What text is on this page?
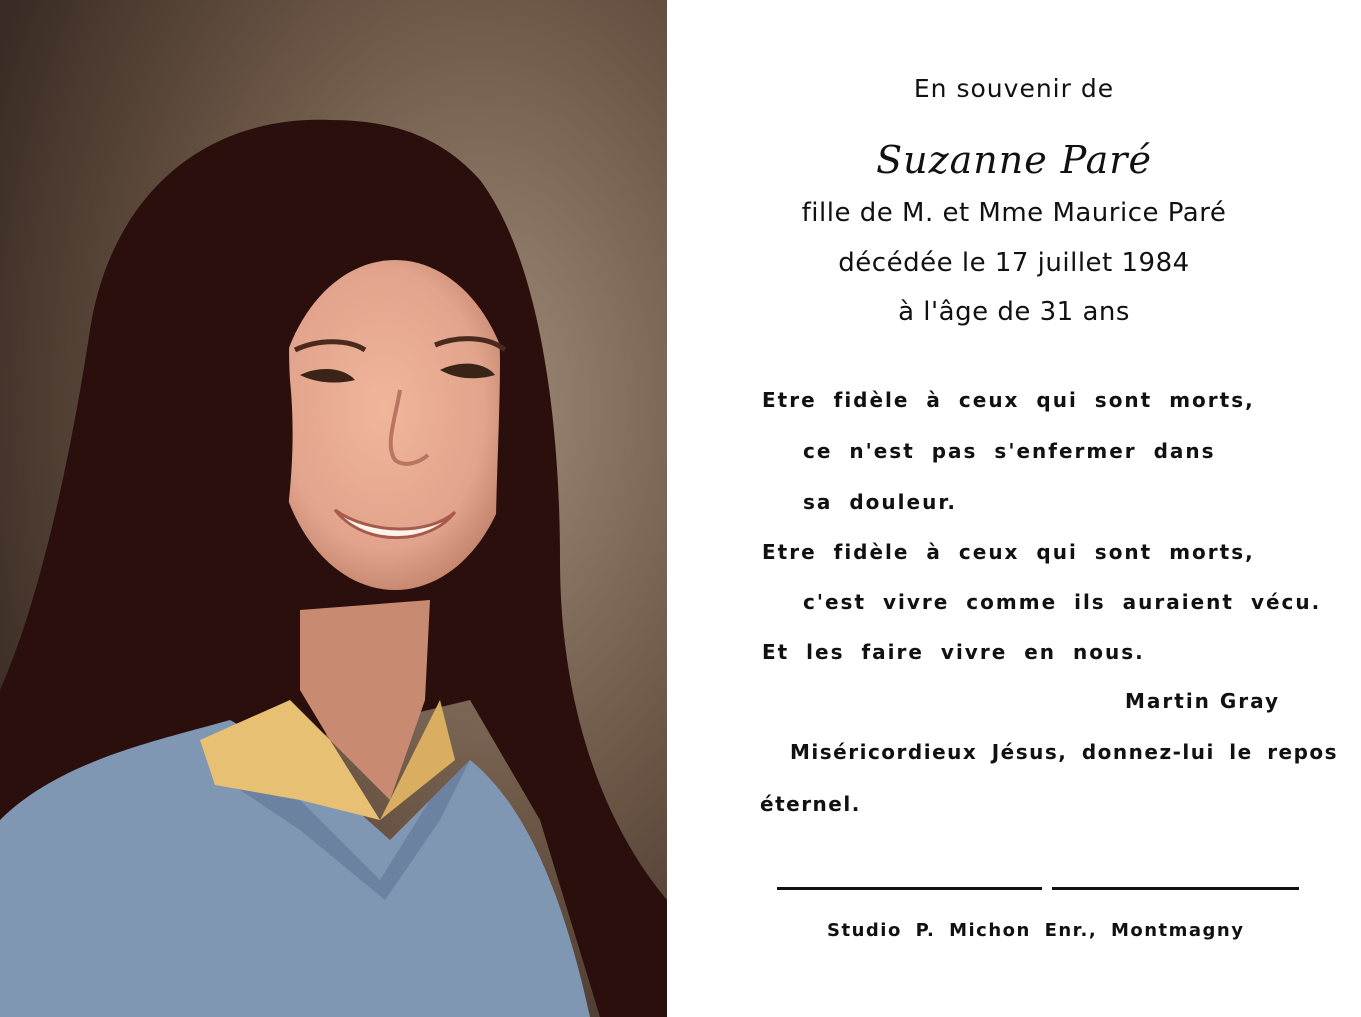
En souvenir de

Suzanne Paré

fille de M. et Mme Maurice Paré

décédée le 17 juillet 1984

à l'âge de 31 ans

Etre fidèle à ceux qui sont morts,

ce n'est pas s'enfermer dans

sa douleur.

Etre fidèle à ceux qui sont morts,

c'est vivre comme ils auraient vécu.

Et les faire vivre en nous.

Martin Gray

Miséricordieux Jésus, donnez-lui le repos

éternel.

Studio P. Michon Enr., Montmagny
